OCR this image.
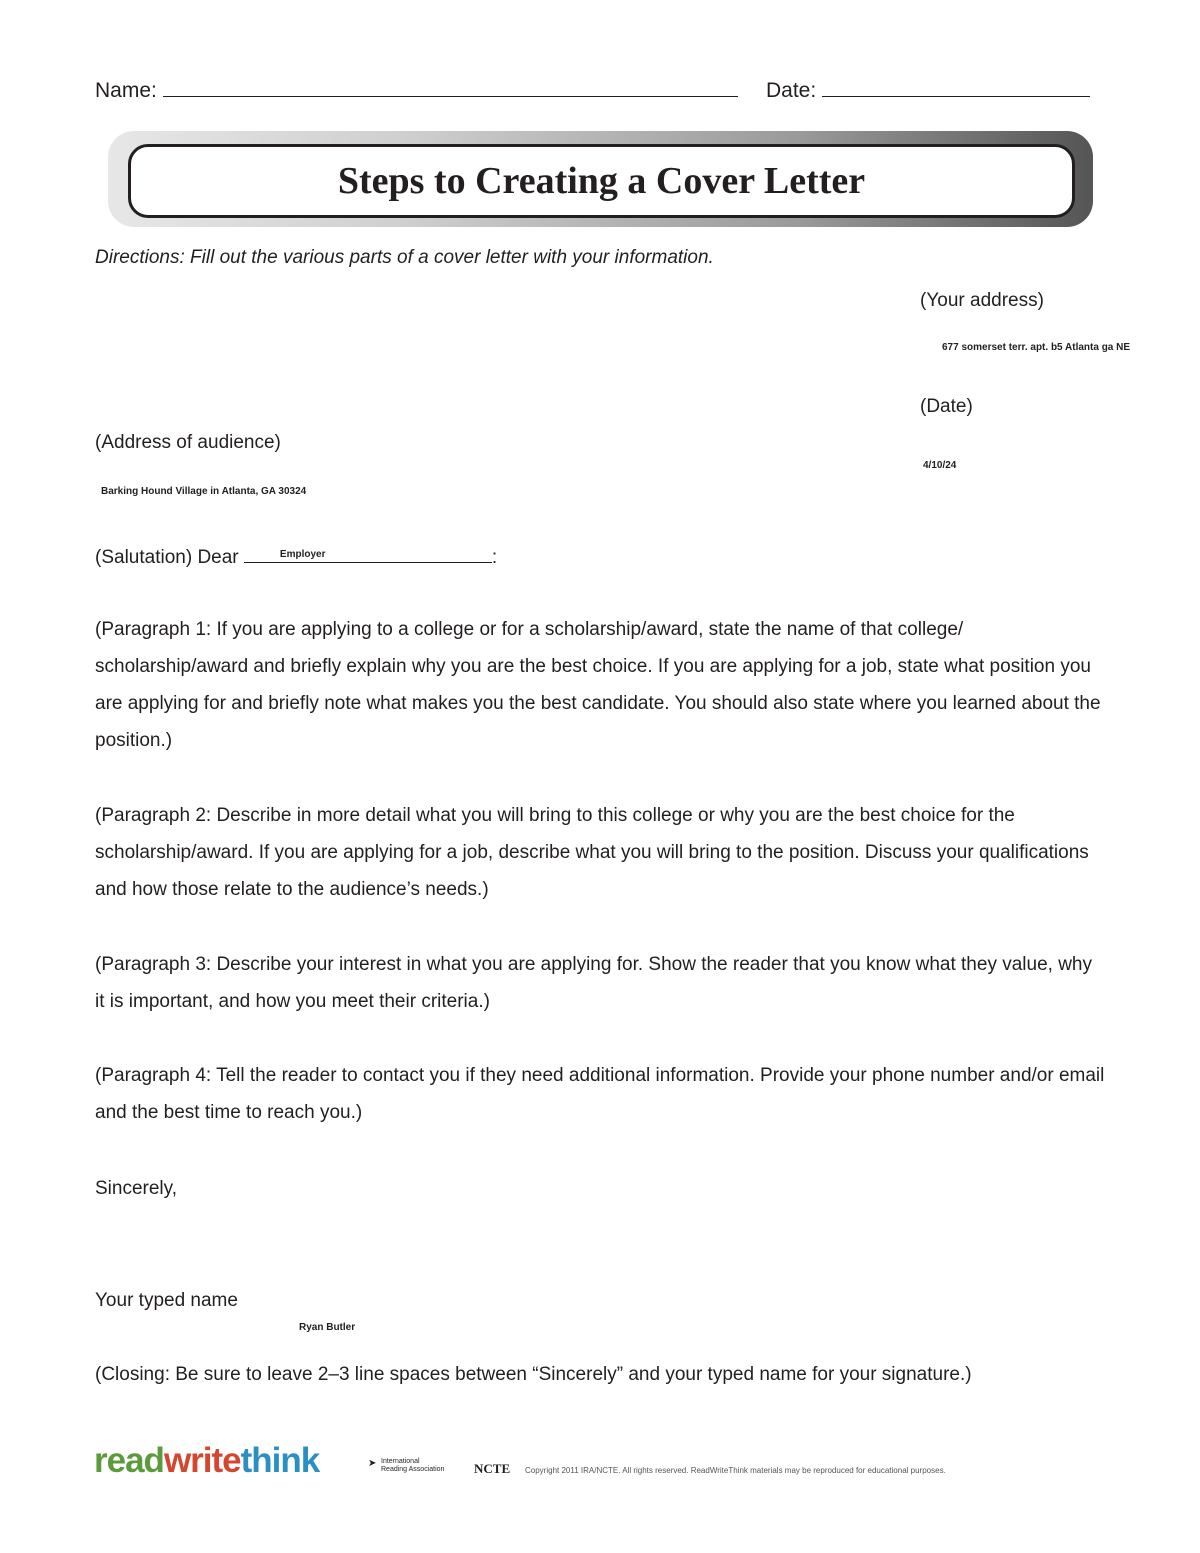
Name:	Date:
Steps to Creating a Cover Letter
Directions: Fill out the various parts of a cover letter with your information.
(Your address)
677 somerset terr. apt. b5 Atlanta ga NE
(Date)
4/10/24
(Address of audience)
Barking Hound Village in Atlanta, GA 30324
(Salutation) Dear	Employer	:
(Paragraph 1: If you are applying to a college or for a scholarship/award, state the name of that college/ scholarship/award and briefly explain why you are the best choice. If you are applying for a job, state what position you are applying for and briefly note what makes you the best candidate. You should also state where you learned about the position.)
(Paragraph 2: Describe in more detail what you will bring to this college or why you are the best choice for the scholarship/award. If you are applying for a job, describe what you will bring to the position. Discuss your qualifications and how those relate to the audience’s needs.)
(Paragraph 3: Describe your interest in what you are applying for. Show the reader that you know what they value, why it is important, and how you meet their criteria.)
(Paragraph 4: Tell the reader to contact you if they need additional information. Provide your phone number and/or email and the best time to reach you.)
Sincerely,
Your typed name
Ryan Butler
(Closing: Be sure to leave 2–3 line spaces between “Sincerely” and your typed name for your signature.)
readwritethink	➤ International
Reading Association NCTE Copyright 2011 IRA/NCTE. All rights reserved. ReadWriteThink materials may be reproduced for educational purposes.
